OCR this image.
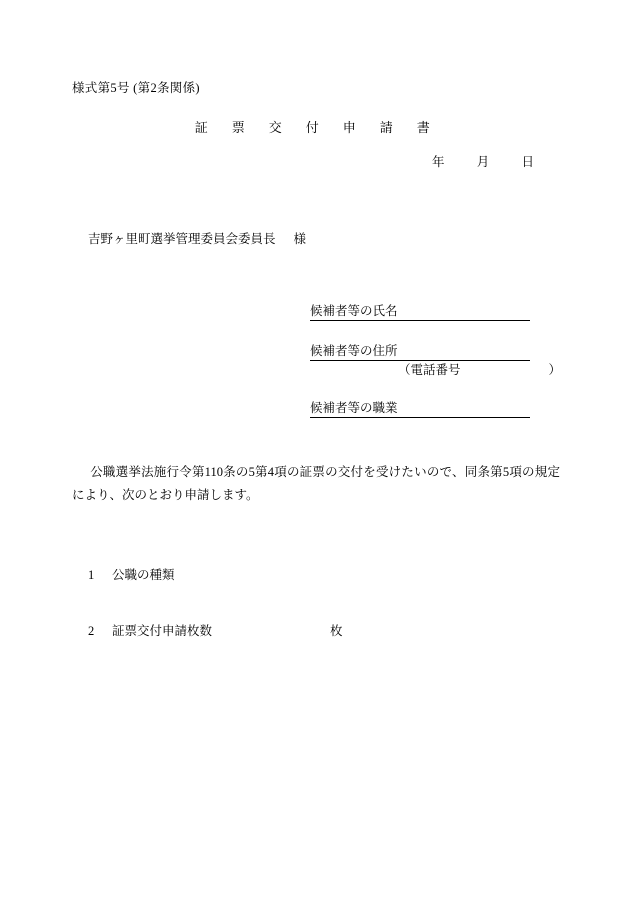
様式第5号 (第2条関係)
証　票　交　付　申　請　書
年	月	日
吉野ヶ里町選挙管理委員会委員長 様
候補者等の氏名
候補者等の住所
（電話番号	）
候補者等の職業
公職選挙法施行令第110条の5第4項の証票の交付を受けたいので、同条第5項の規定により、次のとおり申請します。
1 公職の種類
2 証票交付申請枚数	枚
